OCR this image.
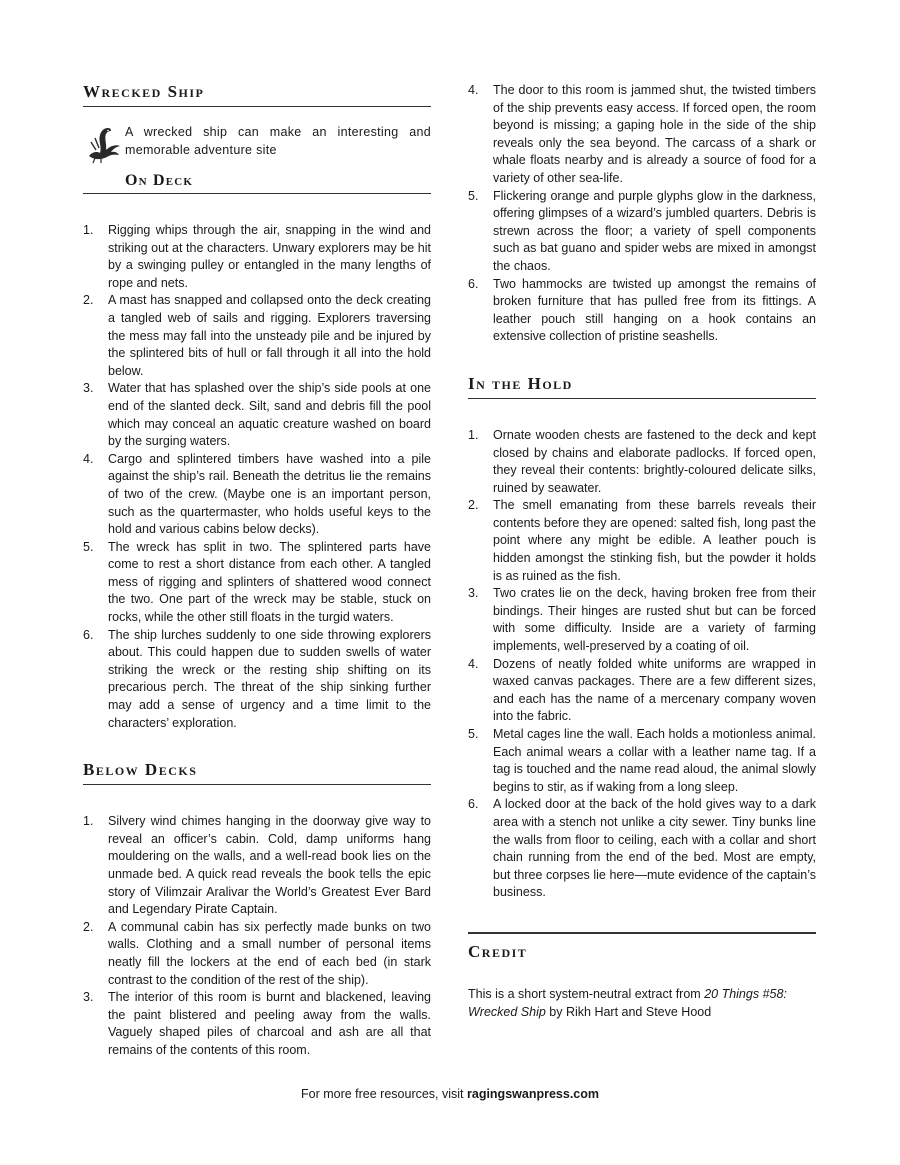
Wrecked Ship
A wrecked ship can make an interesting and memorable adventure site
On Deck
1. Rigging whips through the air, snapping in the wind and striking out at the characters. Unwary explorers may be hit by a swinging pulley or entangled in the many lengths of rope and nets.
2. A mast has snapped and collapsed onto the deck creating a tangled web of sails and rigging. Explorers traversing the mess may fall into the unsteady pile and be injured by the splintered bits of hull or fall through it all into the hold below.
3. Water that has splashed over the ship’s side pools at one end of the slanted deck. Silt, sand and debris fill the pool which may conceal an aquatic creature washed on board by the surging waters.
4. Cargo and splintered timbers have washed into a pile against the ship’s rail. Beneath the detritus lie the remains of two of the crew. (Maybe one is an important person, such as the quartermaster, who holds useful keys to the hold and various cabins below decks).
5. The wreck has split in two. The splintered parts have come to rest a short distance from each other. A tangled mess of rigging and splinters of shattered wood connect the two. One part of the wreck may be stable, stuck on rocks, while the other still floats in the turgid waters.
6. The ship lurches suddenly to one side throwing explorers about. This could happen due to sudden swells of water striking the wreck or the resting ship shifting on its precarious perch. The threat of the ship sinking further may add a sense of urgency and a time limit to the characters’ exploration.
Below Decks
1. Silvery wind chimes hanging in the doorway give way to reveal an officer’s cabin. Cold, damp uniforms hang mouldering on the walls, and a well-read book lies on the unmade bed. A quick read reveals the book tells the epic story of Vilimzair Aralivar the World’s Greatest Ever Bard and Legendary Pirate Captain.
2. A communal cabin has six perfectly made bunks on two walls. Clothing and a small number of personal items neatly fill the lockers at the end of each bed (in stark contrast to the condition of the rest of the ship).
3. The interior of this room is burnt and blackened, leaving the paint blistered and peeling away from the walls. Vaguely shaped piles of charcoal and ash are all that remains of the contents of this room.
4. The door to this room is jammed shut, the twisted timbers of the ship prevents easy access. If forced open, the room beyond is missing; a gaping hole in the side of the ship reveals only the sea beyond. The carcass of a shark or whale floats nearby and is already a source of food for a variety of other sea-life.
5. Flickering orange and purple glyphs glow in the darkness, offering glimpses of a wizard’s jumbled quarters. Debris is strewn across the floor; a variety of spell components such as bat guano and spider webs are mixed in amongst the chaos.
6. Two hammocks are twisted up amongst the remains of broken furniture that has pulled free from its fittings. A leather pouch still hanging on a hook contains an extensive collection of pristine seashells.
In the Hold
1. Ornate wooden chests are fastened to the deck and kept closed by chains and elaborate padlocks. If forced open, they reveal their contents: brightly-coloured delicate silks, ruined by seawater.
2. The smell emanating from these barrels reveals their contents before they are opened: salted fish, long past the point where any might be edible. A leather pouch is hidden amongst the stinking fish, but the powder it holds is as ruined as the fish.
3. Two crates lie on the deck, having broken free from their bindings. Their hinges are rusted shut but can be forced with some difficulty. Inside are a variety of farming implements, well-preserved by a coating of oil.
4. Dozens of neatly folded white uniforms are wrapped in waxed canvas packages. There are a few different sizes, and each has the name of a mercenary company woven into the fabric.
5. Metal cages line the wall. Each holds a motionless animal. Each animal wears a collar with a leather name tag. If a tag is touched and the name read aloud, the animal slowly begins to stir, as if waking from a long sleep.
6. A locked door at the back of the hold gives way to a dark area with a stench not unlike a city sewer. Tiny bunks line the walls from floor to ceiling, each with a collar and short chain running from the end of the bed. Most are empty, but three corpses lie here—mute evidence of the captain’s business.
Credit
This is a short system-neutral extract from 20 Things #58: Wrecked Ship by Rikh Hart and Steve Hood
For more free resources, visit ragingswanpress.com
